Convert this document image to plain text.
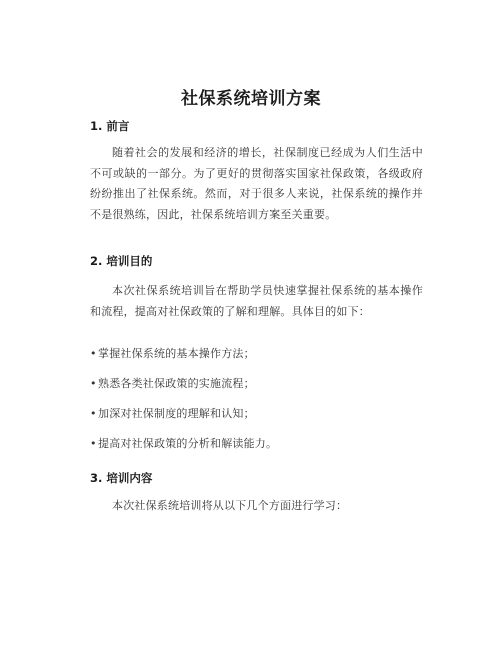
社保系统培训方案
1. 前言
随着社会的发展和经济的增长，社保制度已经成为人们生活中不可或缺的一部分。为了更好的贯彻落实国家社保政策，各级政府纷纷推出了社保系统。然而，对于很多人来说，社保系统的操作并不是很熟练，因此，社保系统培训方案至关重要。
2. 培训目的
本次社保系统培训旨在帮助学员快速掌握社保系统的基本操作和流程，提高对社保政策的了解和理解。具体目的如下：
•掌握社保系统的基本操作方法；
•熟悉各类社保政策的实施流程；
•加深对社保制度的理解和认知；
•提高对社保政策的分析和解读能力。
3. 培训内容
本次社保系统培训将从以下几个方面进行学习：
